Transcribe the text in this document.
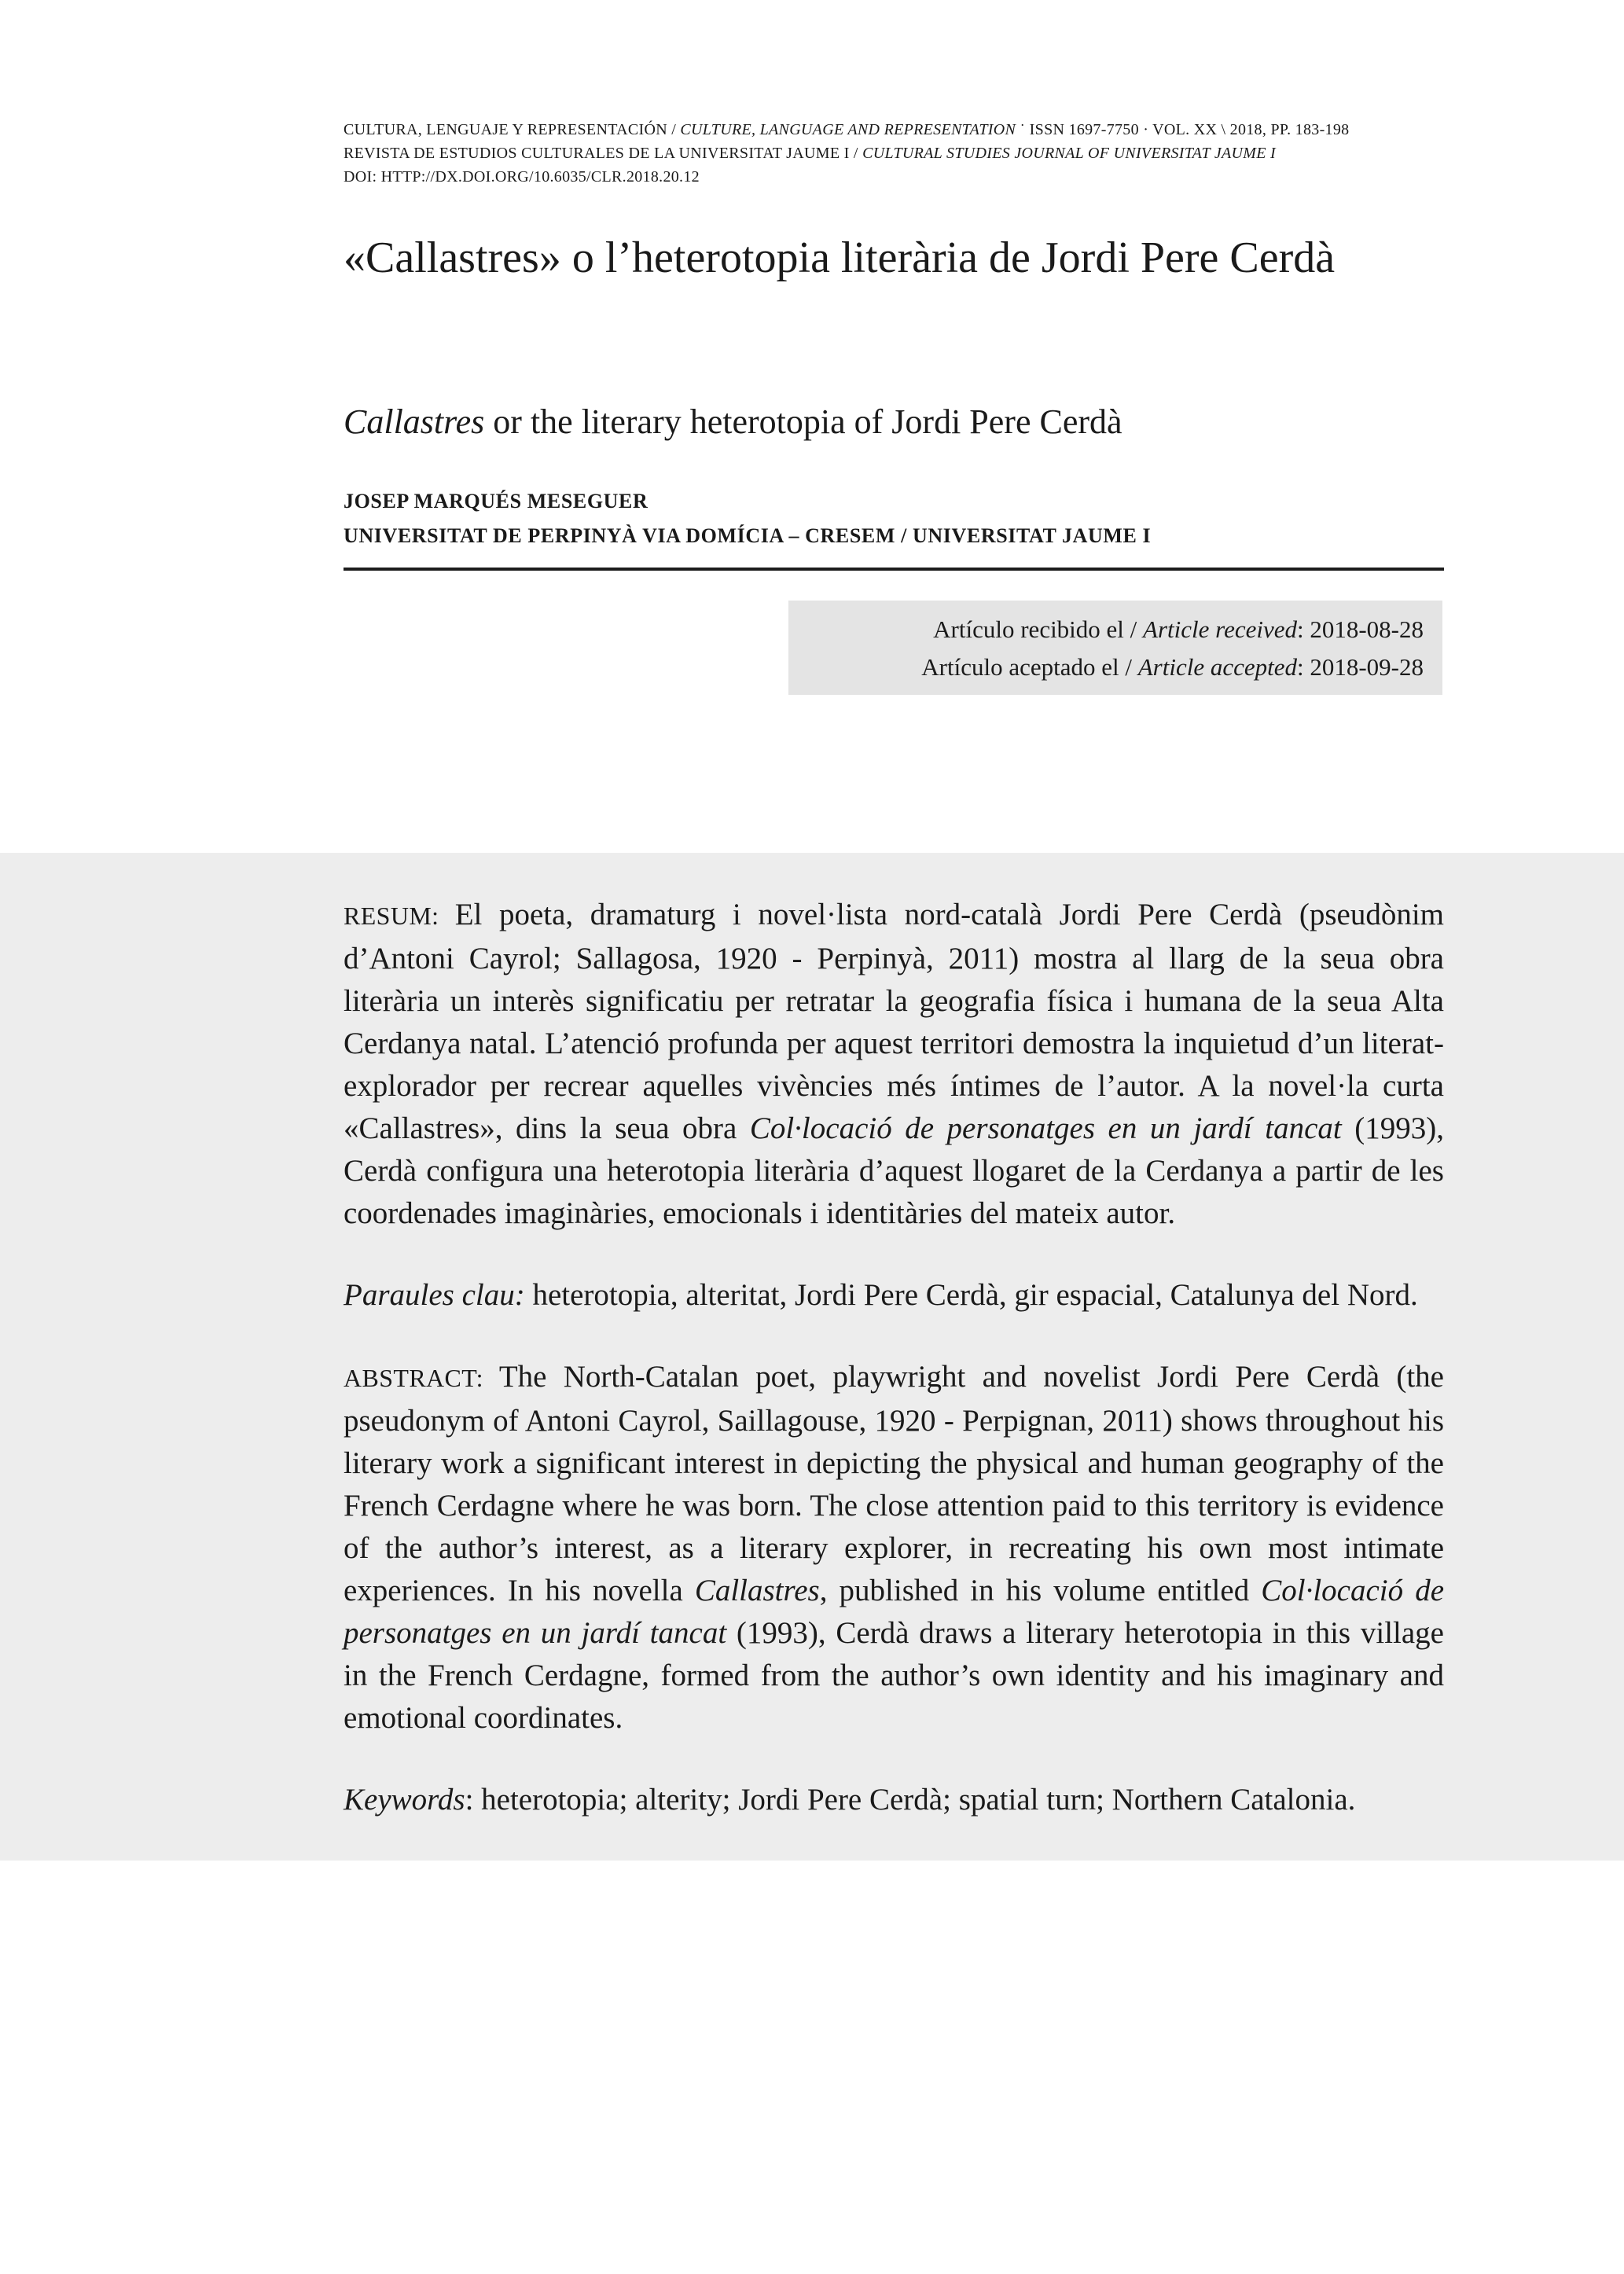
CULTURA, LENGUAJE Y REPRESENTACIÓN / CULTURE, LANGUAGE AND REPRESENTATION ˙ ISSN 1697-7750 · VOL. XX \ 2018, PP. 183-198
REVISTA DE ESTUDIOS CULTURALES DE LA UNIVERSITAT JAUME I / CULTURAL STUDIES JOURNAL OF UNIVERSITAT JAUME I
DOI: HTTP://DX.DOI.ORG/10.6035/CLR.2018.20.12
«Callastres» o l’heterotopia literària de Jordi Pere Cerdà
Callastres or the literary heterotopia of Jordi Pere Cerdà
JOSEP MARQUÉS MESEGUER
UNIVERSITAT DE PERPINYÀ VIA DOMÍCIA – CRESEM / UNIVERSITAT JAUME I
Artículo recibido el / Article received: 2018-08-28
Artículo aceptado el / Article accepted: 2018-09-28

RESUM: El poeta, dramaturg i novel·lista nord-català Jordi Pere Cerdà (pseudònim d’Antoni Cayrol; Sallagosa, 1920 - Perpinyà, 2011) mostra al llarg de la seua obra literària un interès significatiu per retratar la geografia física i humana de la seua Alta Cerdanya natal. L’atenció profunda per aquest territori demostra la inquietud d’un literat-explorador per recrear aquelles vivències més íntimes de l’autor. A la novel·la curta «Callastres», dins la seua obra Col·locació de personatges en un jardí tancat (1993), Cerdà configura una heterotopia literària d’aquest llogaret de la Cerdanya a partir de les coordenades imaginàries, emocionals i identitàries del mateix autor.

Paraules clau: heterotopia, alteritat, Jordi Pere Cerdà, gir espacial, Catalunya del Nord.

ABSTRACT: The North-Catalan poet, playwright and novelist Jordi Pere Cerdà (the pseudonym of Antoni Cayrol, Saillagouse, 1920 - Perpignan, 2011) shows throughout his literary work a significant interest in depicting the physical and human geography of the French Cerdagne where he was born. The close attention paid to this territory is evidence of the author’s interest, as a literary explorer, in recreating his own most intimate experiences. In his novella Callastres, published in his volume entitled Col·locació de personatges en un jardí tancat (1993), Cerdà draws a literary heterotopia in this village in the French Cerdagne, formed from the author’s own identity and his imaginary and emotional coordinates.

Keywords: heterotopia; alterity; Jordi Pere Cerdà; spatial turn; Northern Catalonia.
